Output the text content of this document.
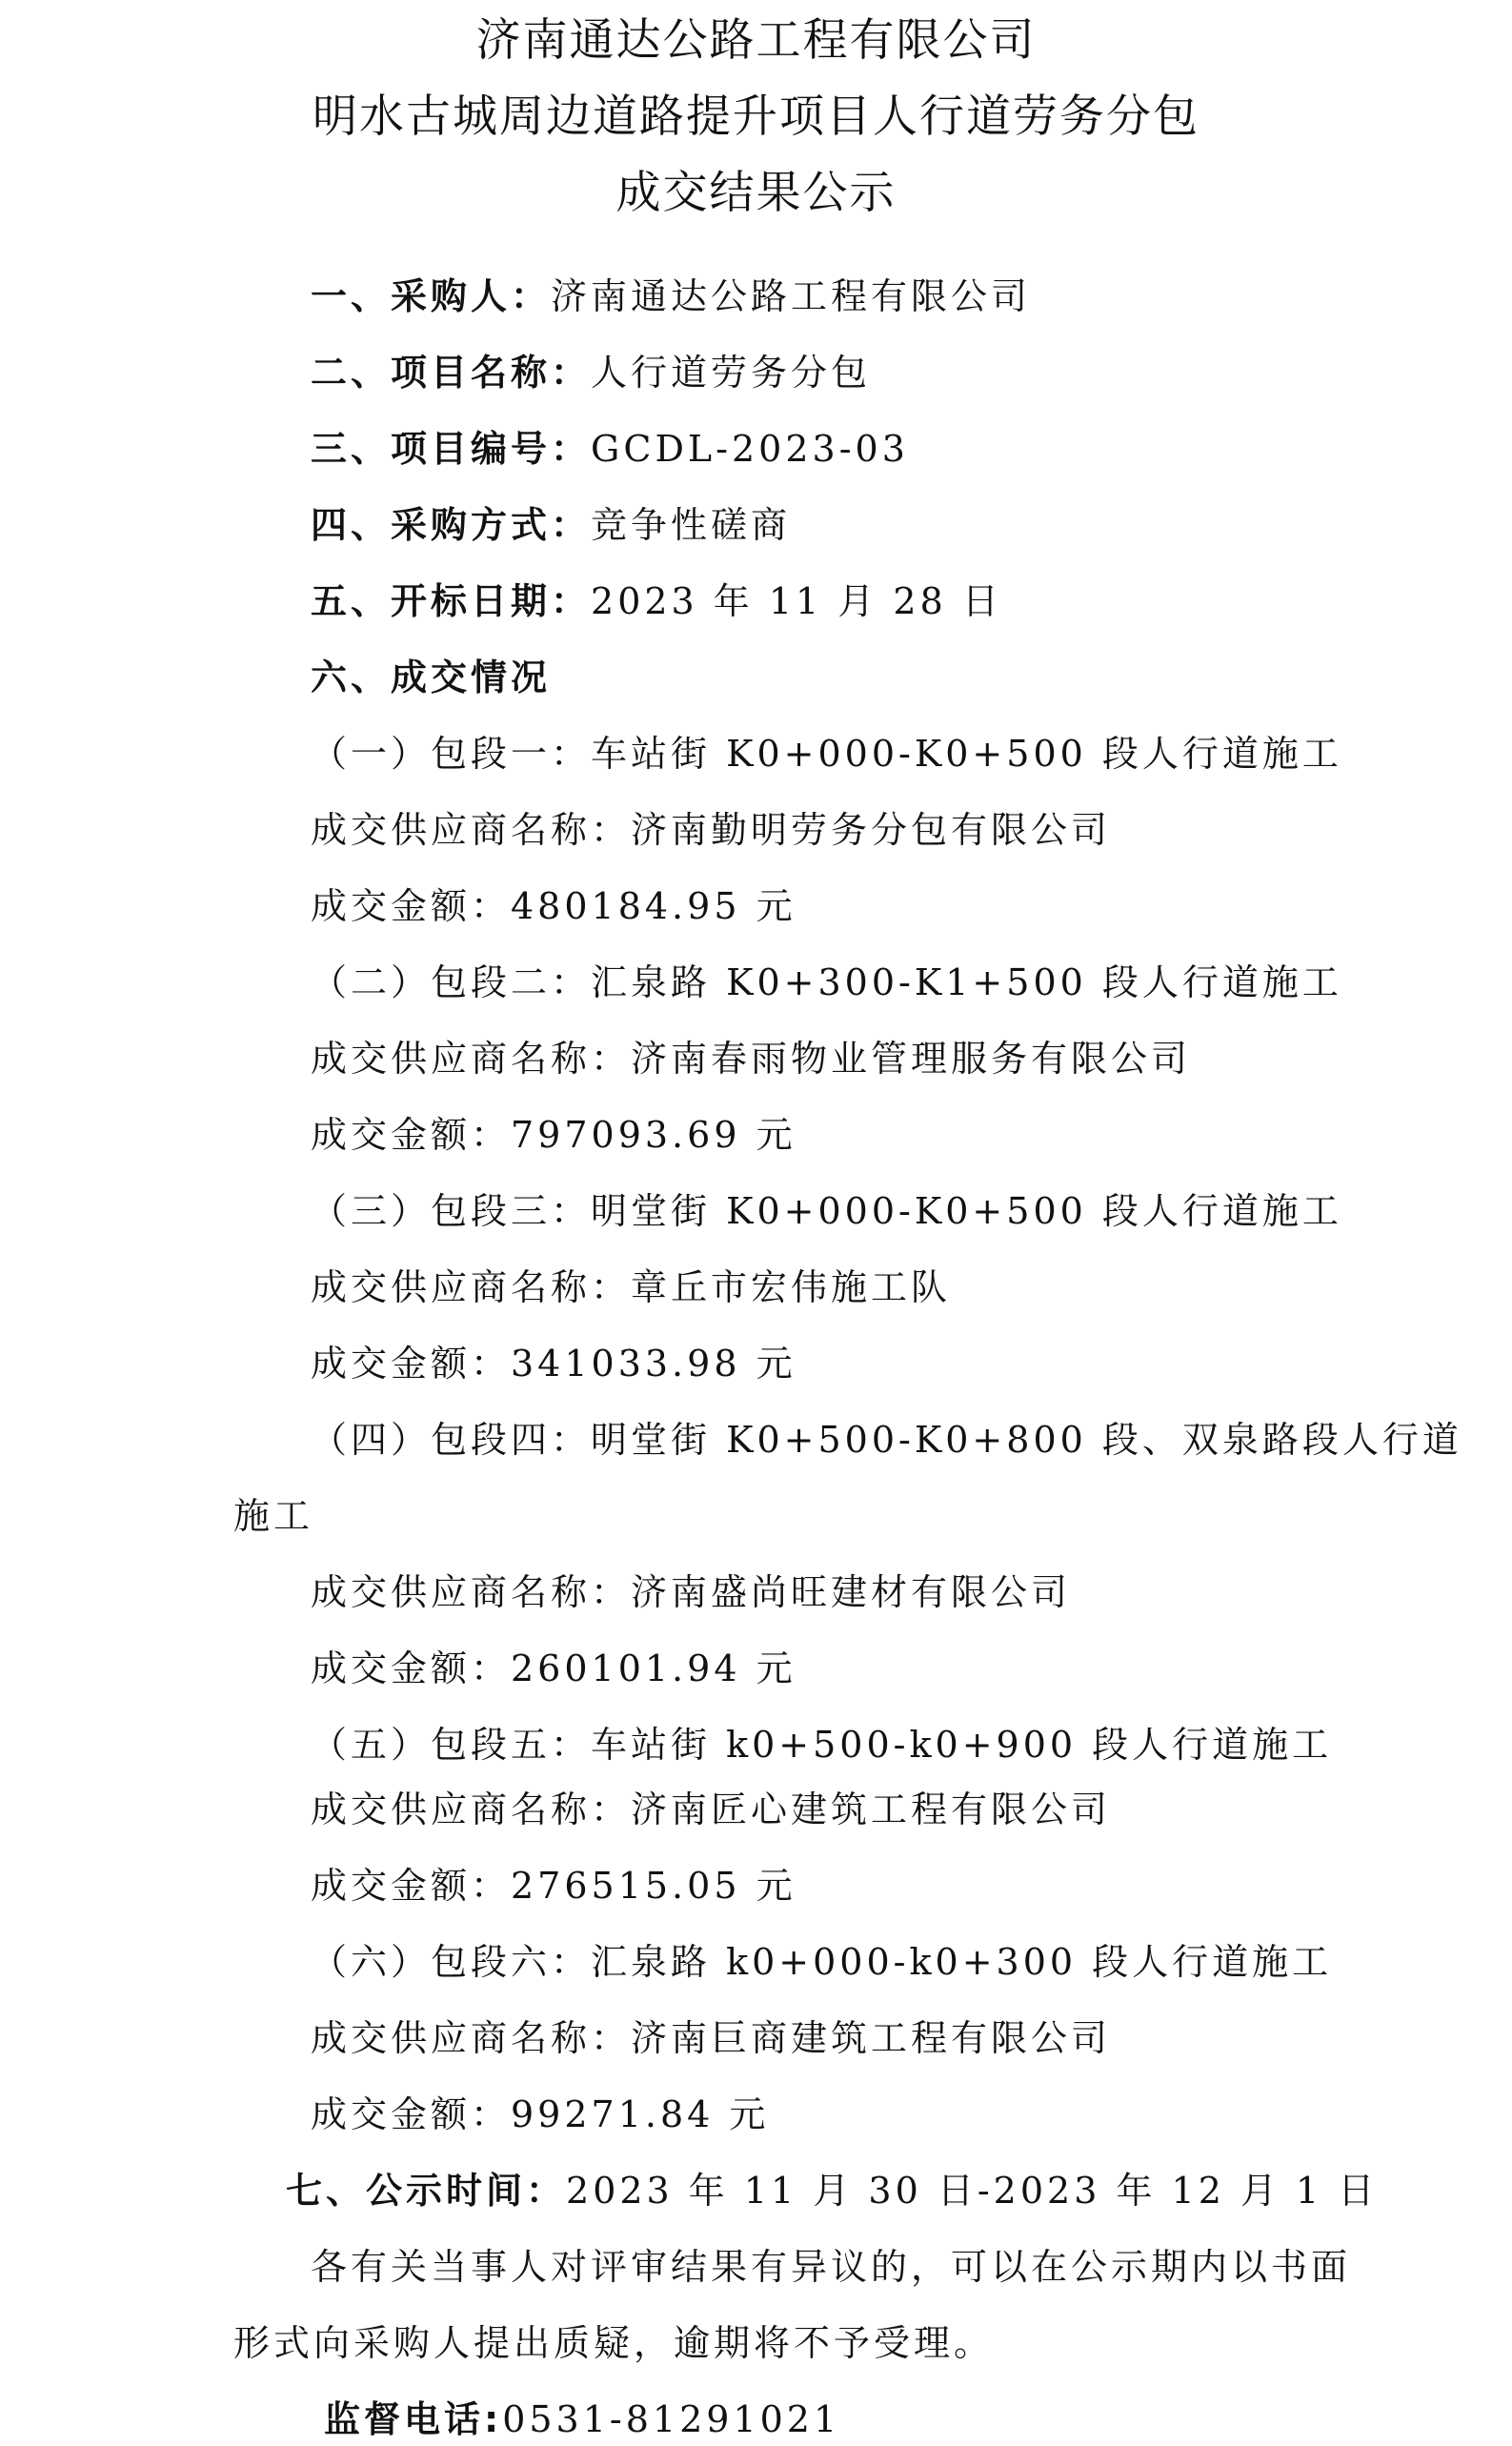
济南通达公路工程有限公司
明水古城周边道路提升项目人行道劳务分包
成交结果公示
一、采购人：济南通达公路工程有限公司
二、项目名称：人行道劳务分包
三、项目编号：GCDL-2023-03
四、采购方式：竞争性磋商
五、开标日期：2023 年 11 月 28 日
六、成交情况
（一）包段一：车站街 K0+000-K0+500 段人行道施工
成交供应商名称：济南勤明劳务分包有限公司
成交金额：480184.95 元
（二）包段二：汇泉路 K0+300-K1+500 段人行道施工
成交供应商名称：济南春雨物业管理服务有限公司
成交金额：797093.69 元
（三）包段三：明堂街 K0+000-K0+500 段人行道施工
成交供应商名称：章丘市宏伟施工队
成交金额：341033.98 元
（四）包段四：明堂街 K0+500-K0+800 段、双泉路段人行道
施工
成交供应商名称：济南盛尚旺建材有限公司
成交金额：260101.94 元
（五）包段五：车站街 k0+500-k0+900 段人行道施工
成交供应商名称：济南匠心建筑工程有限公司
成交金额：276515.05 元
（六）包段六：汇泉路 k0+000-k0+300 段人行道施工
成交供应商名称：济南巨商建筑工程有限公司
成交金额：99271.84 元
七、公示时间：2023 年 11 月 30 日-2023 年 12 月 1 日
各有关当事人对评审结果有异议的，可以在公示期内以书面
形式向采购人提出质疑，逾期将不予受理。
监督电话:0531-81291021
